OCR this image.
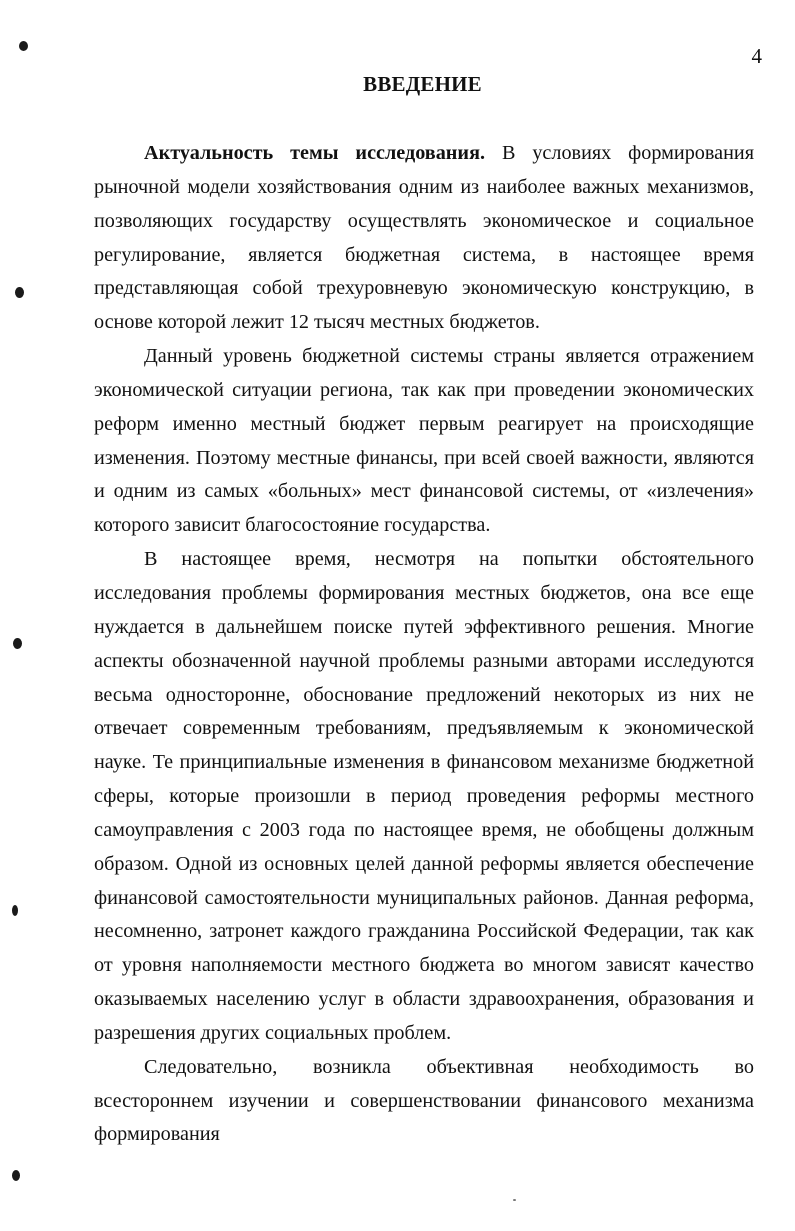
4
ВВЕДЕНИЕ

Актуальность темы исследования. В условиях формирования рыночной модели хозяйствования одним из наиболее важных механизмов, позволяющих государству осуществлять экономическое и социальное регулирование, является бюджетная система, в настоящее время представляющая собой трехуровневую экономическую конструкцию, в основе которой лежит 12 тысяч местных бюджетов.

Данный уровень бюджетной системы страны является отражением экономической ситуации региона, так как при проведении экономических реформ именно местный бюджет первым реагирует на происходящие изменения. Поэтому местные финансы, при всей своей важности, являются и одним из самых «больных» мест финансовой системы, от «излечения» которого зависит благосостояние государства.

В настоящее время, несмотря на попытки обстоятельного исследования проблемы формирования местных бюджетов, она все еще нуждается в дальнейшем поиске путей эффективного решения. Многие аспекты обозначенной научной проблемы разными авторами исследуются весьма односторонне, обоснование предложений некоторых из них не отвечает современным требованиям, предъявляемым к экономической науке. Те принципиальные изменения в финансовом механизме бюджетной сферы, которые произошли в период проведения реформы местного самоуправления с 2003 года по настоящее время, не обобщены должным образом. Одной из основных целей данной реформы является обеспечение финансовой самостоятельности муниципальных районов. Данная реформа, несомненно, затронет каждого гражданина Российской Федерации, так как от уровня наполняемости местного бюджета во многом зависят качество оказываемых населению услуг в области здравоохранения, образования и разрешения других социальных проблем.

Следовательно, возникла объективная необходимость во всестороннем изучении и совершенствовании финансового механизма формирования
